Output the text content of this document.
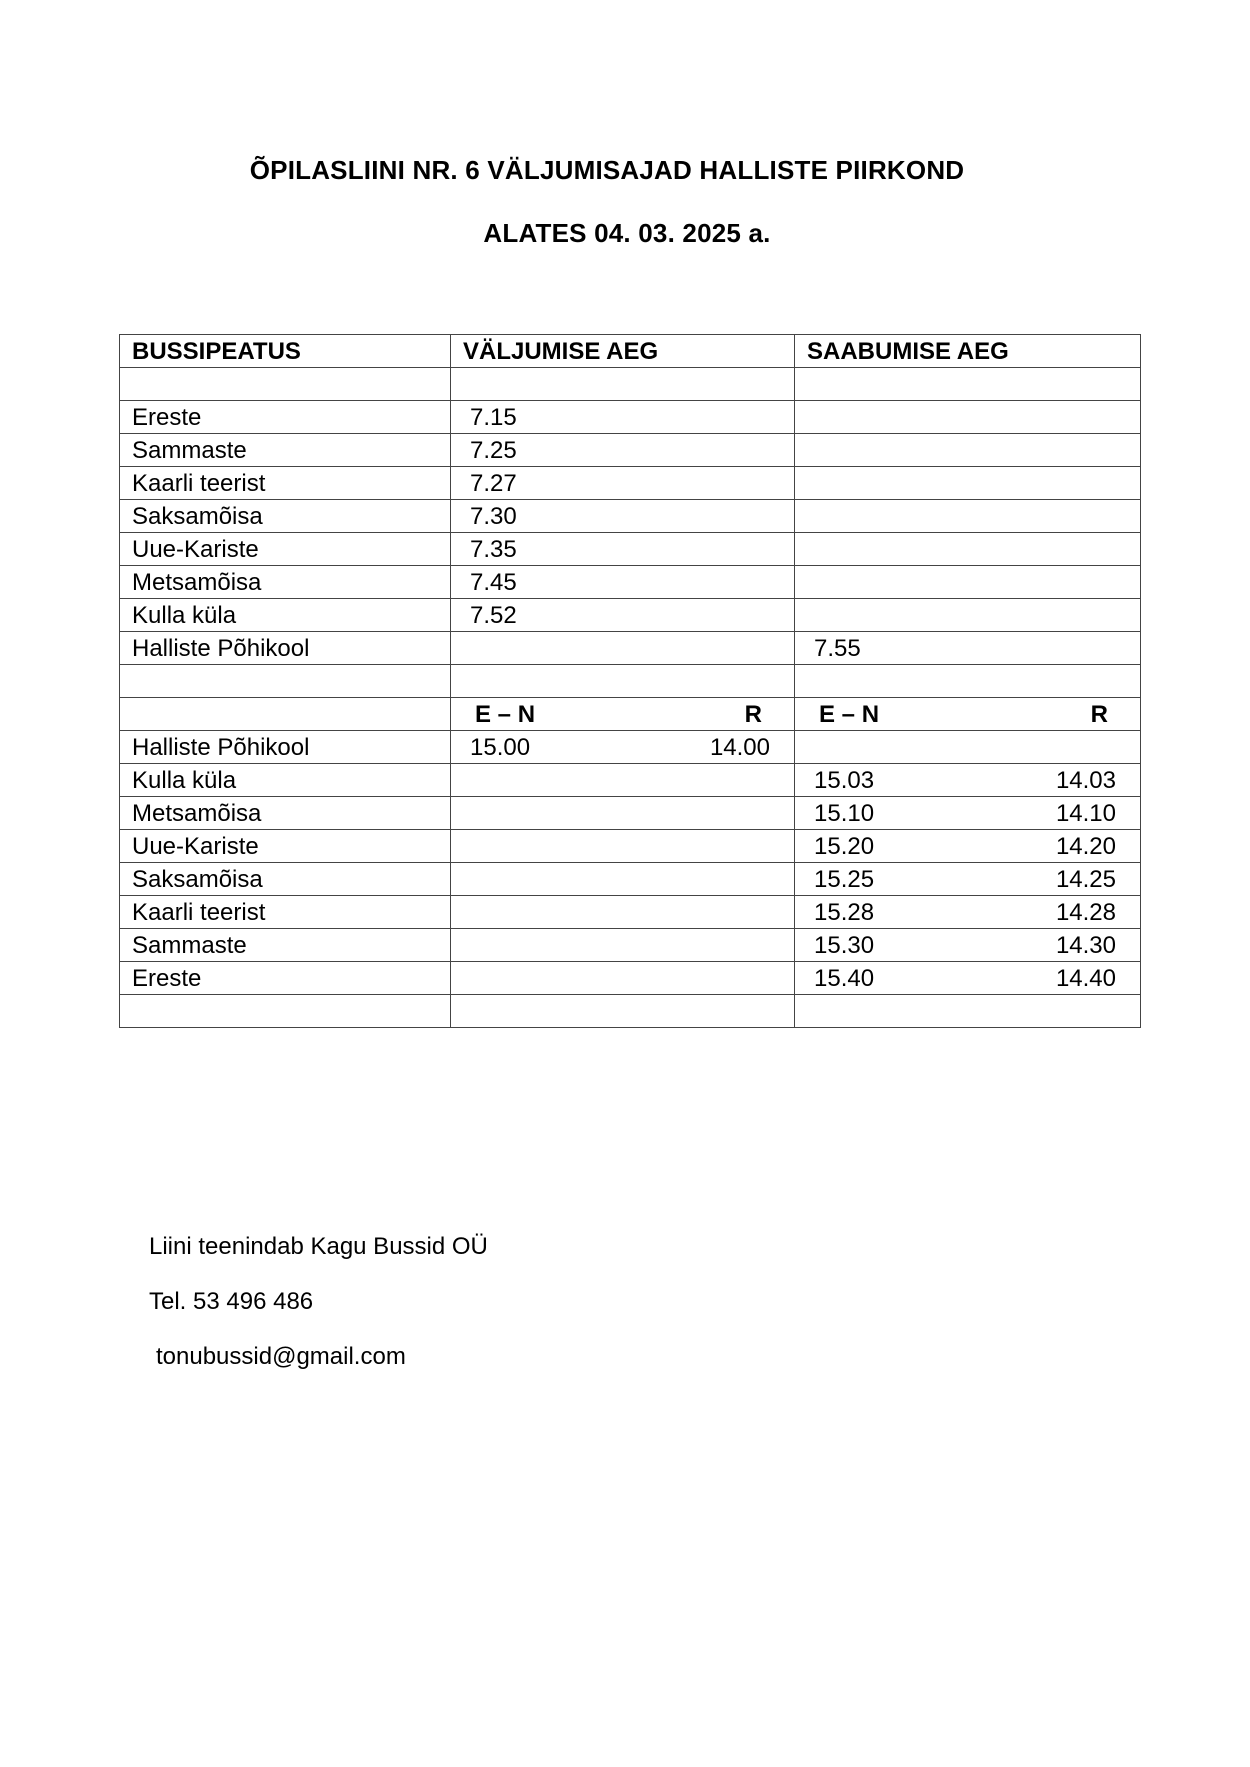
ÕPILASLIINI NR. 6 VÄLJUMISAJAD HALLISTE PIIRKOND
ALATES 04. 03. 2025 a.
BUSSIPEATUS	VÄLJUMISE AEG	SAABUMISE AEG

Ereste	7.15	

Sammaste	7.25	

Kaarli teerist	7.27	

Saksamõisa	7.30	

Uue-Kariste	7.35	

Metsamõisa	7.45	

Kulla küla	7.52	

Halliste Põhikool		7.55

	E – N R	E – N R

Halliste Põhikool	15.00 14.00	

Kulla küla		15.03 14.03

Metsamõisa		15.10 14.10

Uue-Kariste		15.20 14.20

Saksamõisa		15.25 14.25

Kaarli teerist		15.28 14.28

Sammaste		15.30 14.30

Ereste		15.40 14.40

Liini teenindab Kagu Bussid OÜ
Tel. 53 496 486
tonubussid@gmail.com
